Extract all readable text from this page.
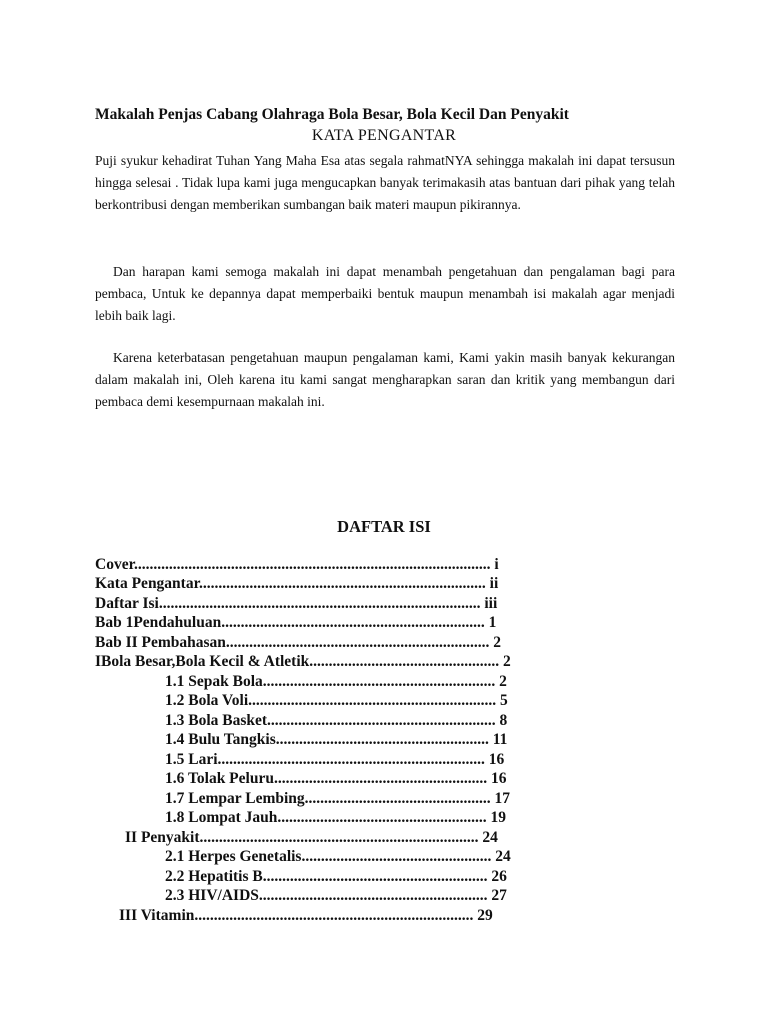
Makalah Penjas Cabang Olahraga Bola Besar, Bola Kecil Dan Penyakit
KATA PENGANTAR
Puji syukur kehadirat Tuhan Yang Maha Esa atas segala rahmatNYA sehingga makalah ini dapat tersusun hingga selesai . Tidak lupa kami juga mengucapkan banyak terimakasih atas bantuan dari pihak yang telah berkontribusi dengan memberikan sumbangan baik materi maupun pikirannya.
Dan harapan kami semoga makalah ini dapat menambah pengetahuan dan pengalaman bagi para pembaca, Untuk ke depannya dapat memperbaiki bentuk maupun menambah isi makalah agar menjadi lebih baik lagi.
Karena keterbatasan pengetahuan maupun pengalaman kami, Kami yakin masih banyak kekurangan dalam makalah ini, Oleh karena itu kami sangat mengharapkan saran dan kritik yang membangun dari pembaca demi kesempurnaan makalah ini.
DAFTAR ISI
Cover............................................................................................ i
Kata Pengantar.......................................................................... ii
Daftar Isi................................................................................... iii
Bab 1Pendahuluan.................................................................... 1
Bab II Pembahasan.................................................................... 2
IBola Besar,Bola Kecil & Atletik................................................. 2
1.1 Sepak Bola............................................................ 2
1.2 Bola Voli................................................................ 5
1.3 Bola Basket........................................................... 8
1.4 Bulu Tangkis....................................................... 11
1.5 Lari..................................................................... 16
1.6 Tolak Peluru....................................................... 16
1.7 Lempar Lembing................................................ 17
1.8 Lompat Jauh...................................................... 19
II Penyakit........................................................................ 24
2.1 Herpes Genetalis................................................. 24
2.2 Hepatitis B.......................................................... 26
2.3 HIV/AIDS........................................................... 27
III Vitamin........................................................................ 29
